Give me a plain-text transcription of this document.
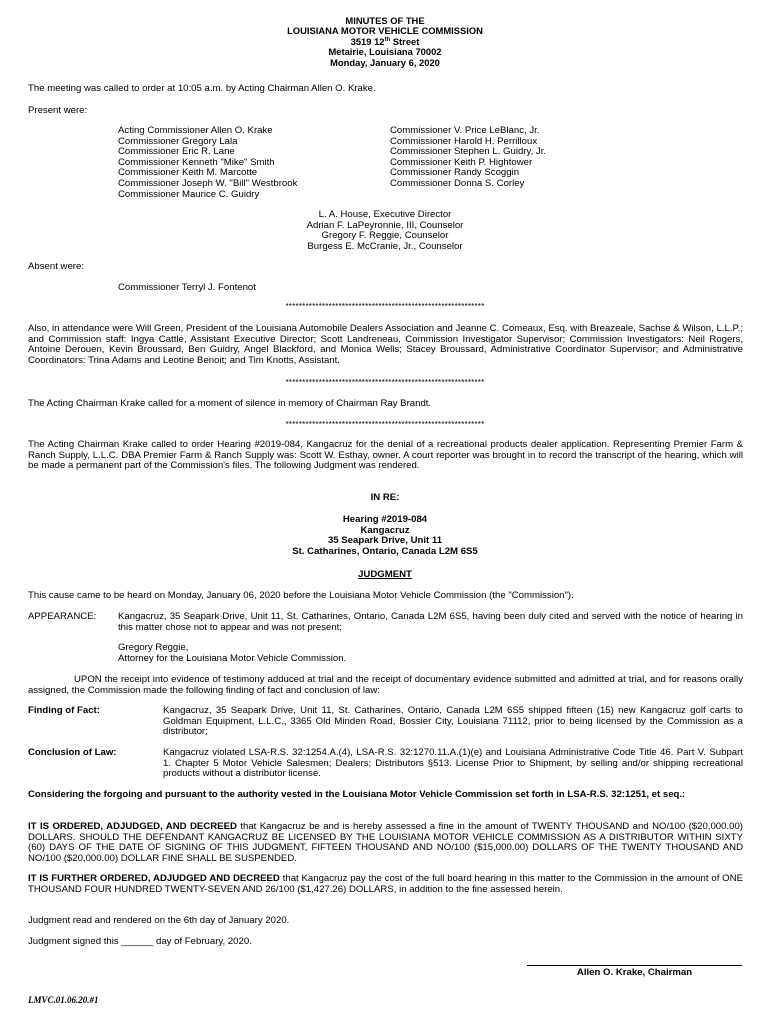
MINUTES OF THE
LOUISIANA MOTOR VEHICLE COMMISSION
3519 12th Street
Metairie, Louisiana 70002
Monday, January 6, 2020
The meeting was called to order at 10:05 a.m. by Acting Chairman Allen O. Krake.
Present were:
Acting Commissioner Allen O. Krake
Commissioner Gregory Lala
Commissioner Eric R. Lane
Commissioner Kenneth "Mike" Smith
Commissioner Keith M. Marcotte
Commissioner Joseph W. "Bill" Westbrook
Commissioner Maurice C. Guidry
Commissioner V. Price LeBlanc, Jr.
Commissioner Harold H. Perrilloux
Commissioner Stephen L. Guidry, Jr.
Commissioner Keith P. Hightower
Commissioner Randy Scoggin
Commissioner Donna S. Corley
L. A. House, Executive Director
Adrian F. LaPeyronnie, III, Counselor
Gregory F. Reggie, Counselor
Burgess E. McCranie, Jr., Counselor
Absent were:
Commissioner Terryl J. Fontenot
************************************************************
Also, in attendance were Will Green, President of the Louisiana Automobile Dealers Association and Jeanne C. Comeaux, Esq. with Breazeale, Sachse & Wilson, L.L.P.; and Commission staff: Ingya Cattle, Assistant Executive Director; Scott Landreneau, Commission Investigator Supervisor; Commission Investigators: Neil Rogers, Antoine Derouen, Kevin Broussard, Ben Guidry, Angel Blackford, and Monica Wells; Stacey Broussard, Administrative Coordinator Supervisor; and Administrative Coordinators: Trina Adams and Leotine Benoit; and Tim Knotts, Assistant.
************************************************************
The Acting Chairman Krake called for a moment of silence in memory of Chairman Ray Brandt.
************************************************************
The Acting Chairman Krake called to order Hearing #2019-084, Kangacruz for the denial of a recreational products dealer application. Representing Premier Farm & Ranch Supply, L.L.C. DBA Premier Farm & Ranch Supply was: Scott W. Esthay, owner. A court reporter was brought in to record the transcript of the hearing, which will be made a permanent part of the Commission's files. The following Judgment was rendered.
IN RE:
Hearing #2019-084
Kangacruz
35 Seapark Drive, Unit 11
St. Catharines, Ontario, Canada L2M 6S5
JUDGMENT
This cause came to be heard on Monday, January 06, 2020 before the Louisiana Motor Vehicle Commission (the "Commission").
APPEARANCE: Kangacruz, 35 Seapark Drive, Unit 11, St. Catharines, Ontario, Canada L2M 6S5, having been duly cited and served with the notice of hearing in this matter chose not to appear and was not present;
Gregory Reggie,
Attorney for the Louisiana Motor Vehicle Commission.
UPON the receipt into evidence of testimony adduced at trial and the receipt of documentary evidence submitted and admitted at trial, and for reasons orally assigned, the Commission made the following finding of fact and conclusion of law:
Finding of Fact:	Kangacruz, 35 Seapark Drive, Unit 11, St. Catharines, Ontario, Canada L2M 6S5 shipped fifteen (15) new Kangacruz golf carts to Goldman Equipment, L.L.C., 3365 Old Minden Road, Bossier City, Louisiana 71112, prior to being licensed by the Commission as a distributor;
Conclusion of Law:	Kangacruz violated LSA-R.S. 32:1254.A.(4), LSA-R.S. 32:1270.11.A.(1)(e) and Louisiana Administrative Code Title 46. Part V. Subpart 1. Chapter 5 Motor Vehicle Salesmen; Dealers; Distributors §513. License Prior to Shipment, by selling and/or shipping recreational products without a distributor license.
Considering the forgoing and pursuant to the authority vested in the Louisiana Motor Vehicle Commission set forth in LSA-R.S. 32:1251, et seq.:
IT IS ORDERED, ADJUDGED, AND DECREED that Kangacruz be and is hereby assessed a fine in the amount of TWENTY THOUSAND and NO/100 ($20,000.00) DOLLARS. SHOULD THE DEFENDANT KANGACRUZ BE LICENSED BY THE LOUISIANA MOTOR VEHICLE COMMISSION AS A DISTRIBUTOR WITHIN SIXTY (60) DAYS OF THE DATE OF SIGNING OF THIS JUDGMENT, FIFTEEN THOUSAND AND NO/100 ($15,000.00) DOLLARS OF THE TWENTY THOUSAND AND NO/100 ($20,000.00) DOLLAR FINE SHALL BE SUSPENDED.
IT IS FURTHER ORDERED, ADJUDGED AND DECREED that Kangacruz pay the cost of the full board hearing in this matter to the Commission in the amount of ONE THOUSAND FOUR HUNDRED TWENTY-SEVEN AND 26/100 ($1,427.26) DOLLARS, in addition to the fine assessed herein.
Judgment read and rendered on the 6th day of January 2020.
Judgment signed this ______ day of February, 2020.
Allen O. Krake, Chairman
LMVC.01.06.20.#1
